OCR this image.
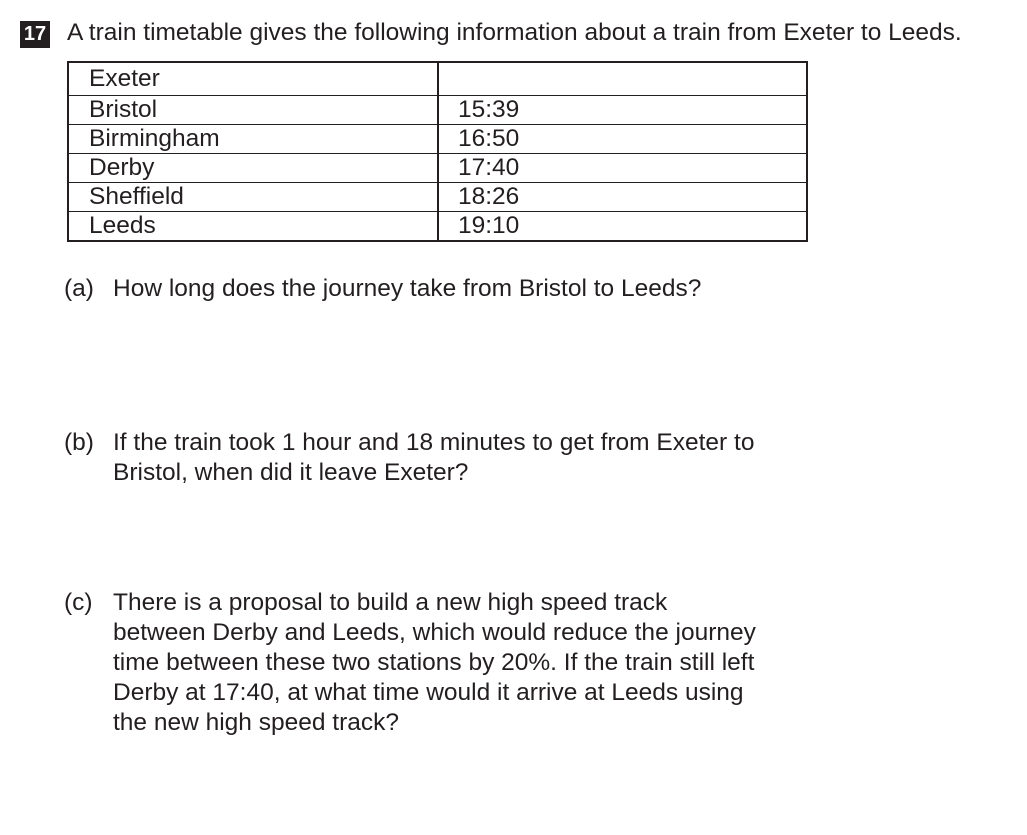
17 A train timetable gives the following information about a train from Exeter to Leeds.
Exeter	
Bristol	15:39
Birmingham	16:50
Derby	17:40
Sheffield	18:26
Leeds	19:10
(a) How long does the journey take from Bristol to Leeds?
(b) If the train took 1 hour and 18 minutes to get from Exeter to
Bristol, when did it leave Exeter?
(c) There is a proposal to build a new high speed track
between Derby and Leeds, which would reduce the journey
time between these two stations by 20%. If the train still left
Derby at 17:40, at what time would it arrive at Leeds using
the new high speed track?
